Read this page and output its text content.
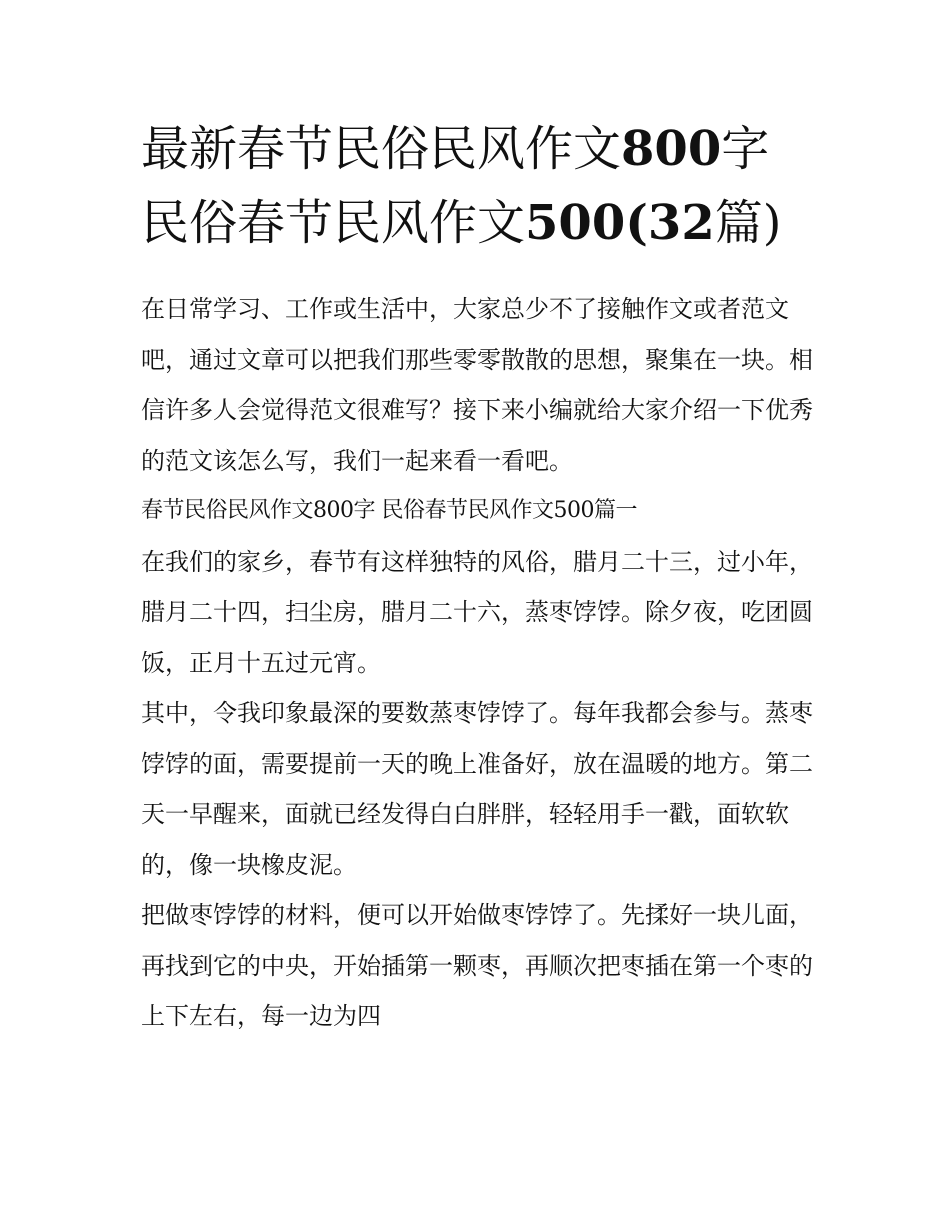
最新春节民俗民风作文800字
民俗春节民风作文500(32篇)

在日常学习、工作或生活中，大家总少不了接触作文或者范文吧，通过文章可以把我们那些零零散散的思想，聚集在一块。相信许多人会觉得范文很难写？接下来小编就给大家介绍一下优秀的范文该怎么写，我们一起来看一看吧。

春节民俗民风作文800字 民俗春节民风作文500篇一

在我们的家乡，春节有这样独特的风俗，腊月二十三，过小年，腊月二十四，扫尘房，腊月二十六，蒸枣饽饽。除夕夜，吃团圆饭，正月十五过元宵。

其中，令我印象最深的要数蒸枣饽饽了。每年我都会参与。蒸枣饽饽的面，需要提前一天的晚上准备好，放在温暖的地方。第二天一早醒来，面就已经发得白白胖胖，轻轻用手一戳，面软软的，像一块橡皮泥。

把做枣饽饽的材料，便可以开始做枣饽饽了。先揉好一块儿面，再找到它的中央，开始插第一颗枣，再顺次把枣插在第一个枣的上下左右，每一边为四
